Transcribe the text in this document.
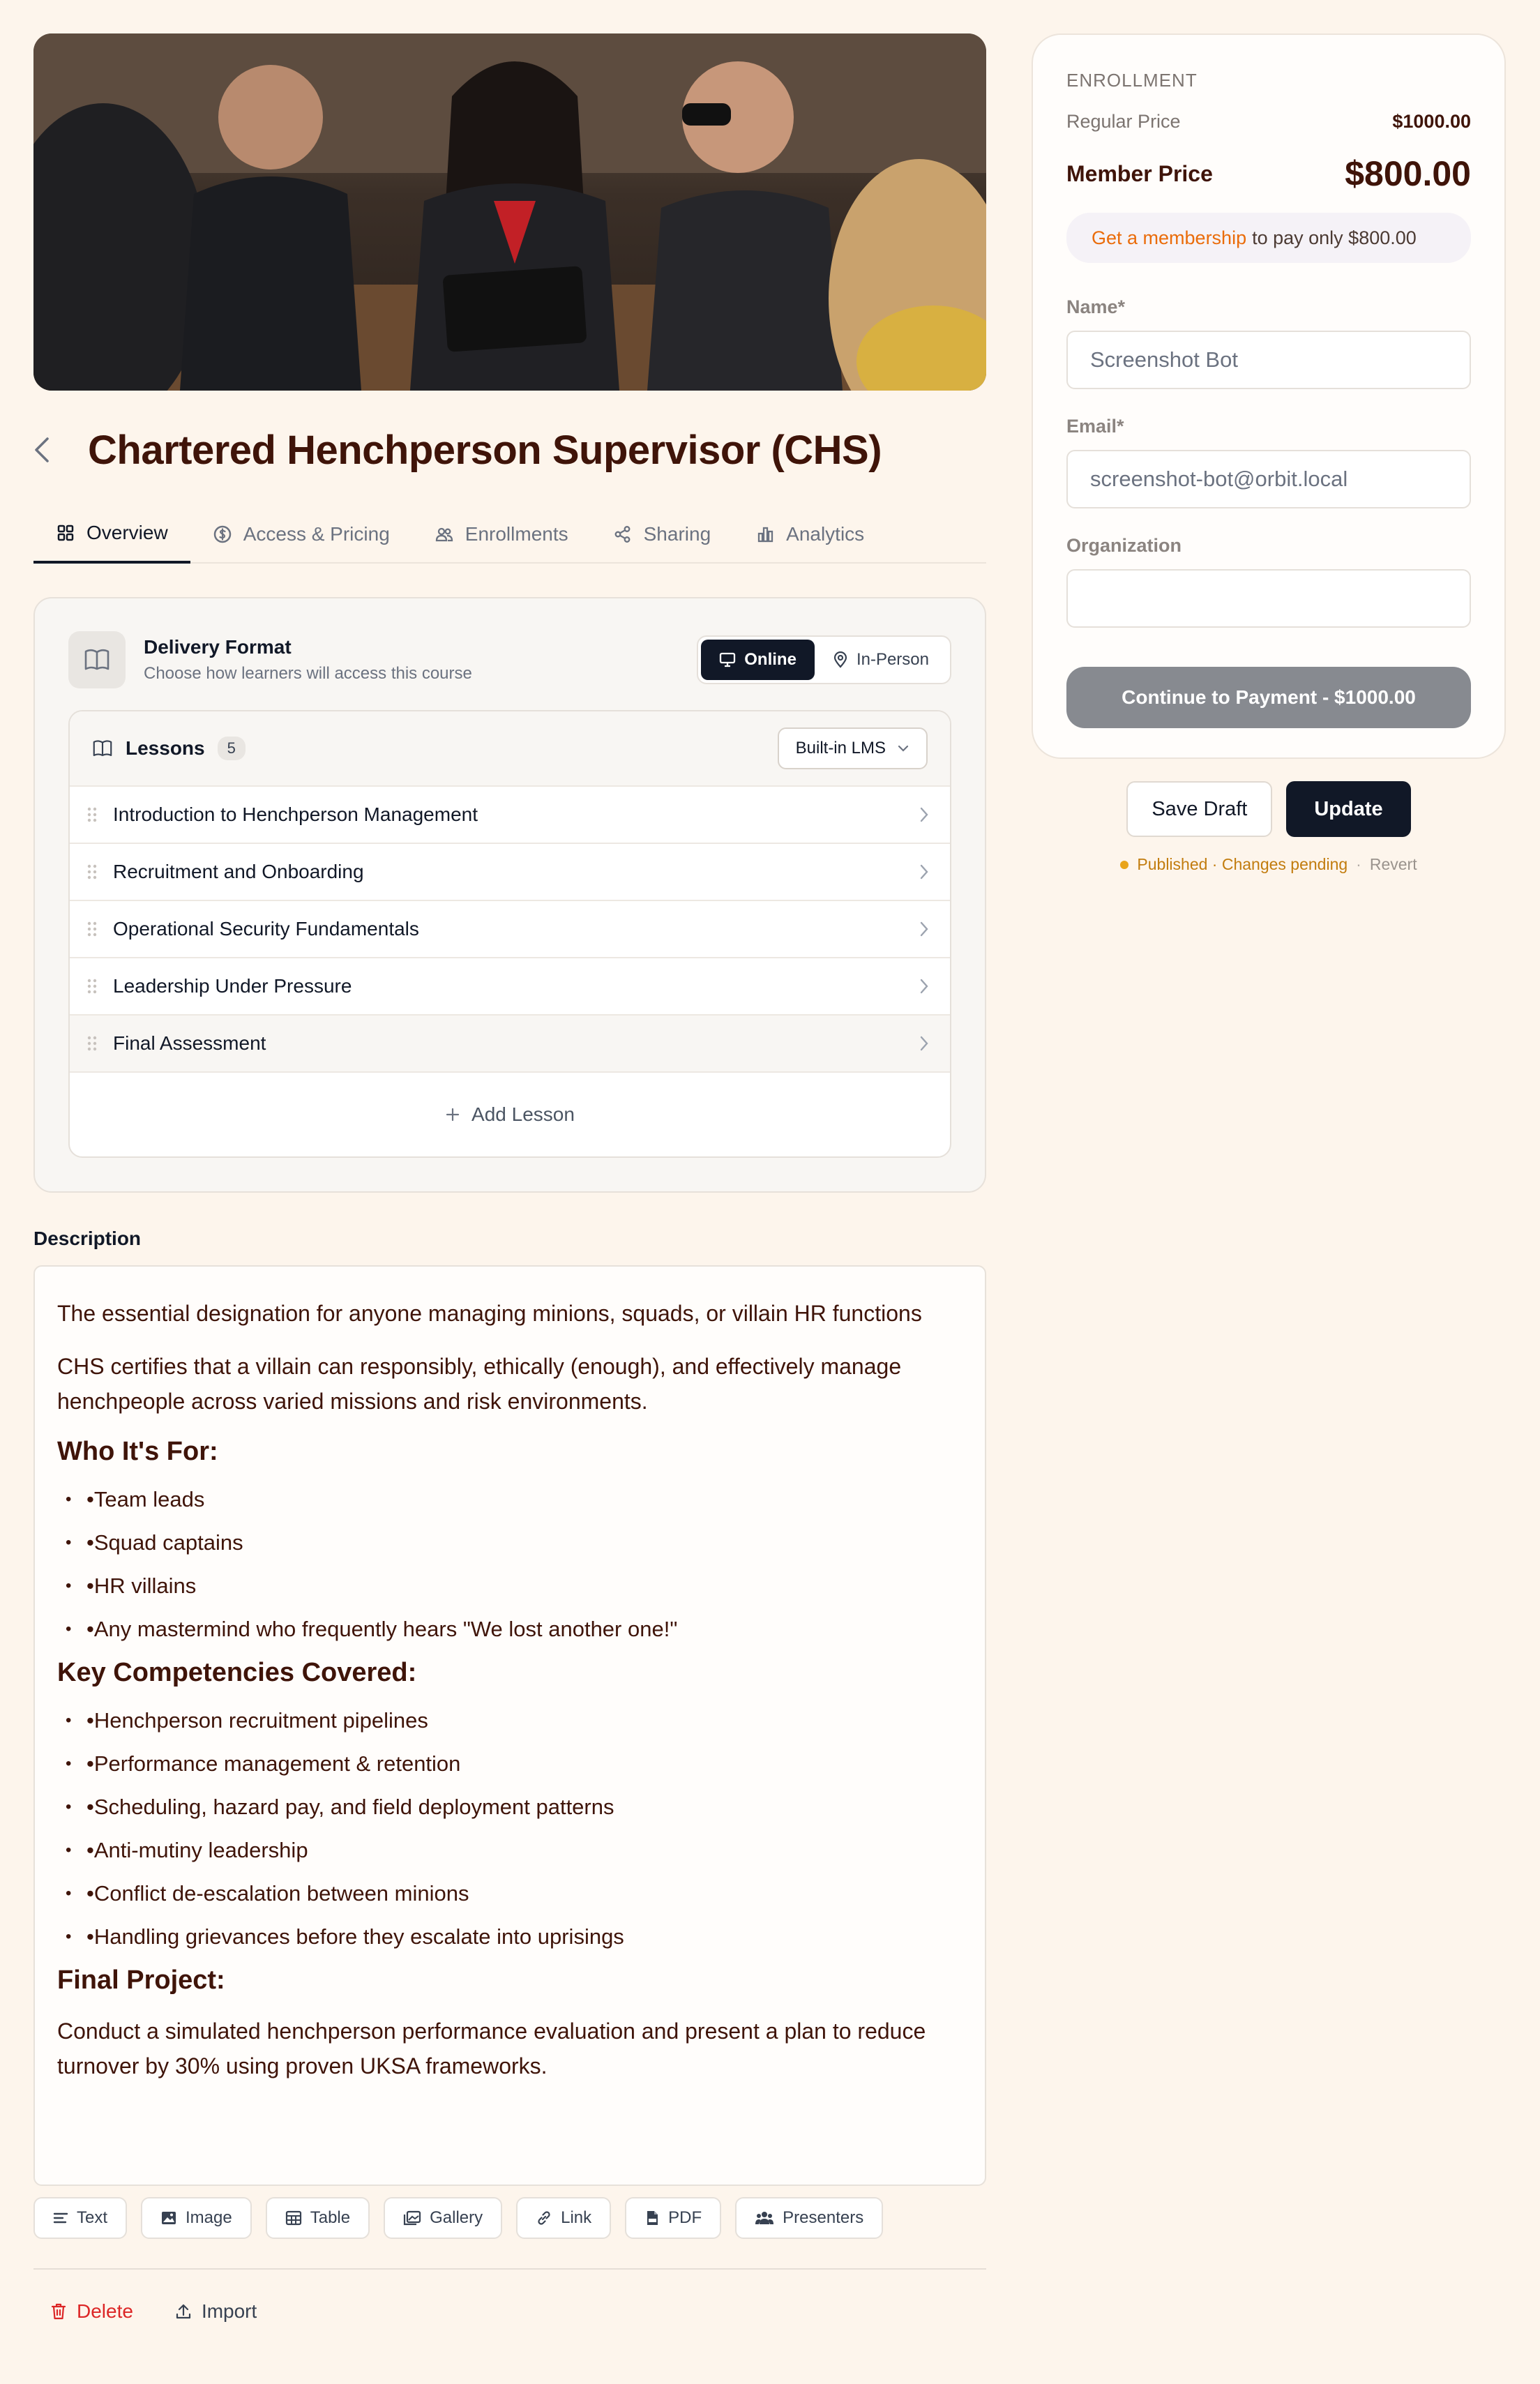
Chartered Henchperson Supervisor (CHS)
Overview	Access & Pricing	Enrollments	Sharing	Analytics
Delivery Format
Choose how learners will access this course
Online	In-Person
Lessons	5	Built-in LMS
Introduction to Henchperson Management
Recruitment and Onboarding
Operational Security Fundamentals
Leadership Under Pressure
Final Assessment
Add Lesson
Description

The essential designation for anyone managing minions, squads, or villain HR functions

CHS certifies that a villain can responsibly, ethically (enough), and effectively manage henchpeople across varied missions and risk environments.

Who It's For:
• •Team leads
• •Squad captains
• •HR villains
• •Any mastermind who frequently hears "We lost another one!"
Key Competencies Covered:
• •Henchperson recruitment pipelines
• •Performance management & retention
• •Scheduling, hazard pay, and field deployment patterns
• •Anti-mutiny leadership
• •Conflict de-escalation between minions
• •Handling grievances before they escalate into uprisings
Final Project:

Conduct a simulated henchperson performance evaluation and present a plan to reduce turnover by 30% using proven UKSA frameworks.

Text	Image	Table	Gallery	Link	PDF	Presenters
Delete	Import
ENROLLMENT
Regular Price	$1000.00
Member Price	$800.00
Get a membership to pay only $800.00
Name*
Screenshot Bot
Email*
screenshot-bot@orbit.local
Organization
Continue to Payment - $1000.00
Save Draft	Update
Published · Changes pending · Revert
